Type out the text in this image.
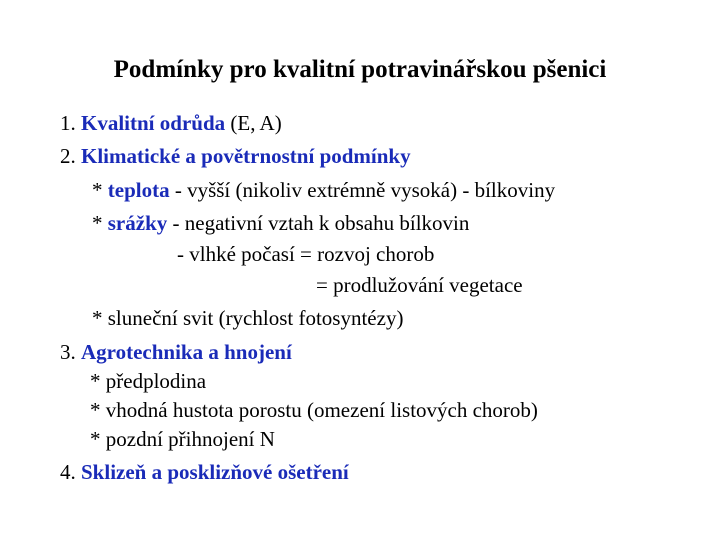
Podmínky pro kvalitní potravinářskou pšenici
1. Kvalitní odrůda (E, A)
2. Klimatické a povětrnostní podmínky
* teplota - vyšší (nikoliv extrémně vysoká) - bílkoviny
* srážky - negativní vztah k obsahu bílkovin
- vlhké počasí = rozvoj chorob
= prodlužování vegetace
* sluneční svit (rychlost fotosyntézy)
3. Agrotechnika a hnojení
* předplodina
* vhodná hustota porostu (omezení listových chorob)
* pozdní přihnojení N
4. Sklizeň a posklizňové ošetření
